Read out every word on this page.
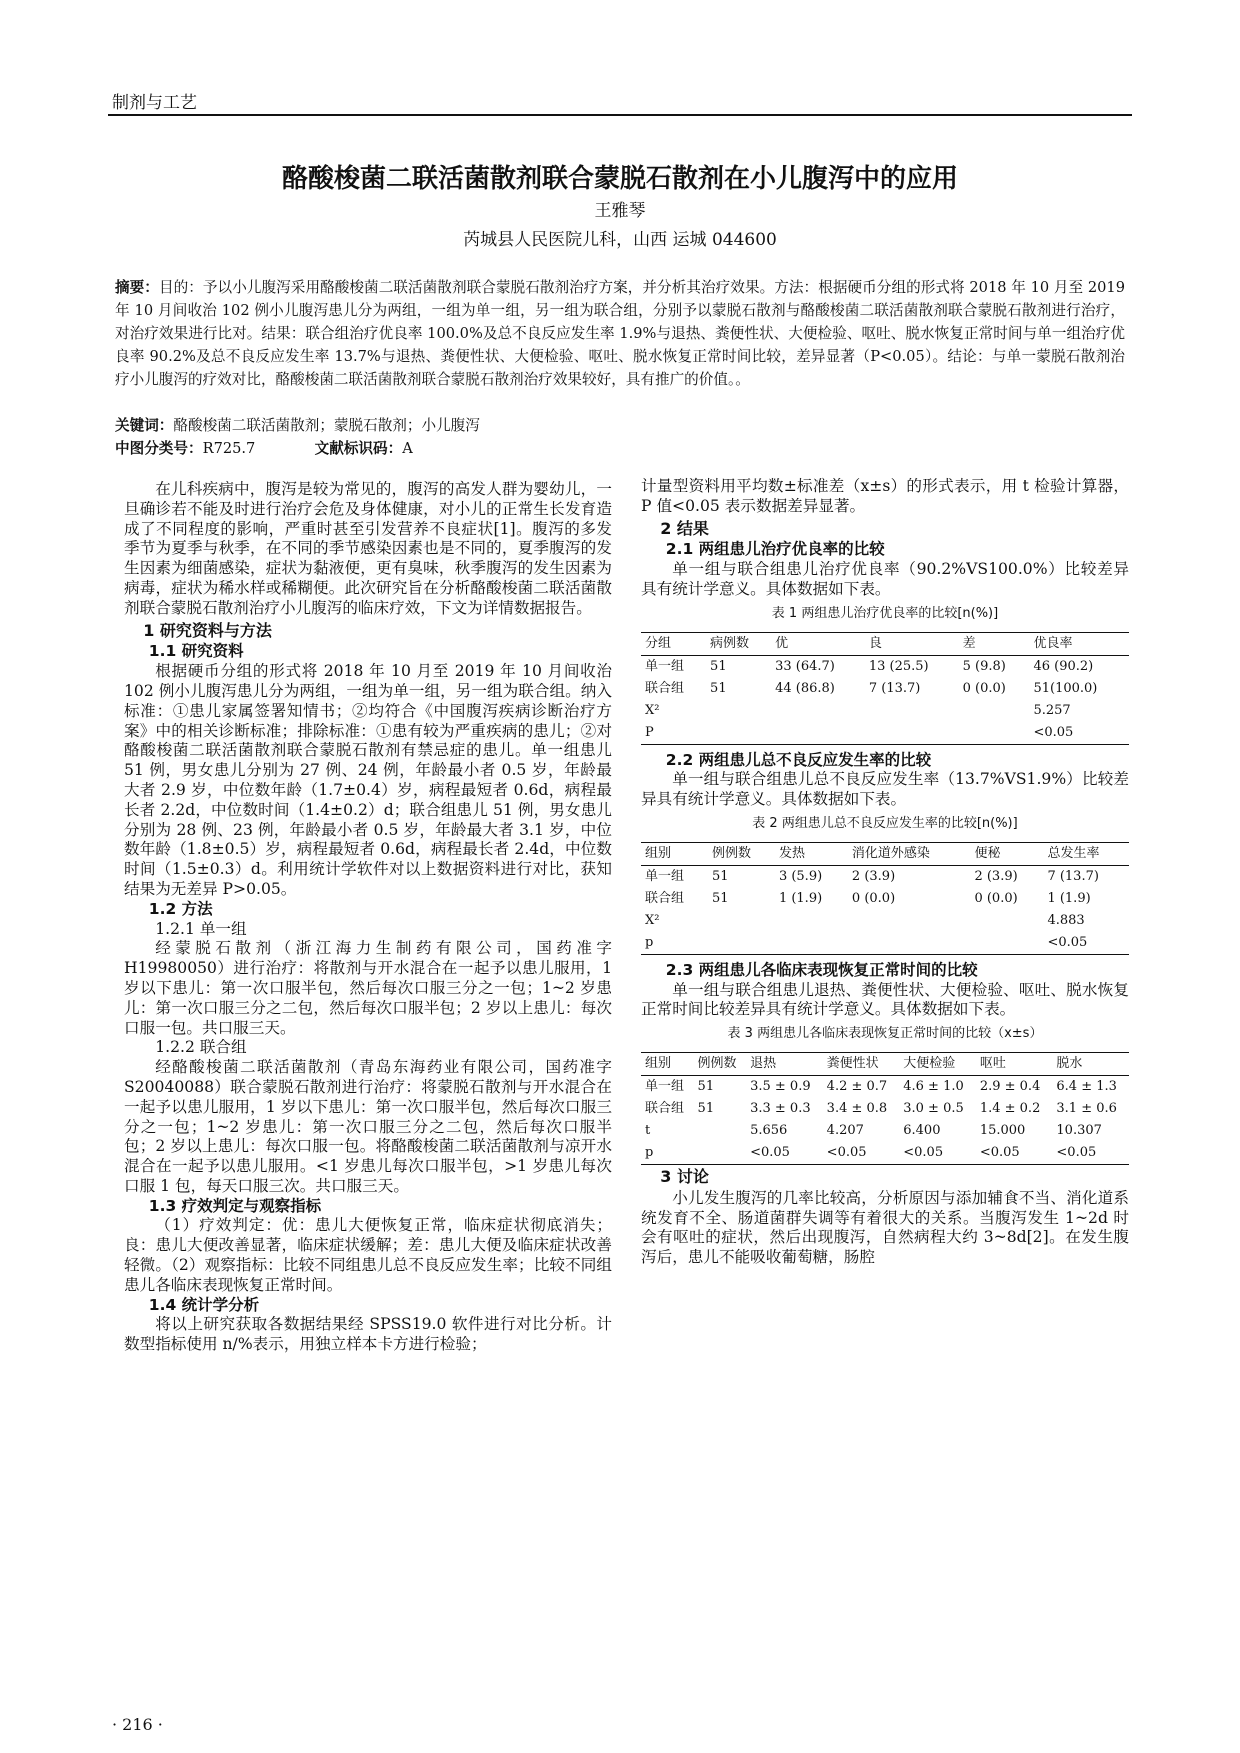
制剂与工艺
酪酸梭菌二联活菌散剂联合蒙脱石散剂在小儿腹泻中的应用
王雅琴
芮城县人民医院儿科，山西 运城 044600
摘要：目的：予以小儿腹泻采用酪酸梭菌二联活菌散剂联合蒙脱石散剂治疗方案，并分析其治疗效果。方法：根据硬币分组的形式将 2018 年 10 月至 2019 年 10 月间收治 102 例小儿腹泻患儿分为两组，一组为单一组，另一组为联合组，分别予以蒙脱石散剂与酪酸梭菌二联活菌散剂联合蒙脱石散剂进行治疗，对治疗效果进行比对。结果：联合组治疗优良率 100.0%及总不良反应发生率 1.9%与退热、粪便性状、大便检验、呕吐、脱水恢复正常时间与单一组治疗优良率 90.2%及总不良反应发生率 13.7%与退热、粪便性状、大便检验、呕吐、脱水恢复正常时间比较，差异显著（P<0.05）。结论：与单一蒙脱石散剂治疗小儿腹泻的疗效对比，酪酸梭菌二联活菌散剂联合蒙脱石散剂治疗效果较好，具有推广的价值。。
关键词：酪酸梭菌二联活菌散剂；蒙脱石散剂；小儿腹泻
中图分类号：R725.7	文献标识码：A

在儿科疾病中，腹泻是较为常见的，腹泻的高发人群为婴幼儿，一旦确诊若不能及时进行治疗会危及身体健康，对小儿的正常生长发育造成了不同程度的影响，严重时甚至引发营养不良症状[1]。腹泻的多发季节为夏季与秋季，在不同的季节感染因素也是不同的，夏季腹泻的发生因素为细菌感染，症状为黏液便，更有臭味，秋季腹泻的发生因素为病毒，症状为稀水样或稀糊便。此次研究旨在分析酪酸梭菌二联活菌散剂联合蒙脱石散剂治疗小儿腹泻的临床疗效，下文为详情数据报告。

1 研究资料与方法
1.1 研究资料

根据硬币分组的形式将 2018 年 10 月至 2019 年 10 月间收治 102 例小儿腹泻患儿分为两组，一组为单一组，另一组为联合组。纳入标准：①患儿家属签署知情书；②均符合《中国腹泻疾病诊断治疗方案》中的相关诊断标准；排除标准：①患有较为严重疾病的患儿；②对酪酸梭菌二联活菌散剂联合蒙脱石散剂有禁忌症的患儿。单一组患儿 51 例，男女患儿分别为 27 例、24 例，年龄最小者 0.5 岁，年龄最大者 2.9 岁，中位数年龄（1.7±0.4）岁，病程最短者 0.6d，病程最长者 2.2d，中位数时间（1.4±0.2）d；联合组患儿 51 例，男女患儿分别为 28 例、23 例，年龄最小者 0.5 岁，年龄最大者 3.1 岁，中位数年龄（1.8±0.5）岁，病程最短者 0.6d，病程最长者 2.4d，中位数时间（1.5±0.3）d。利用统计学软件对以上数据资料进行对比，获知结果为无差异 P>0.05。

1.2 方法
1.2.1 单一组

经蒙脱石散剂（浙江海力生制药有限公司，国药准字 H19980050）进行治疗：将散剂与开水混合在一起予以患儿服用，1 岁以下患儿：第一次口服半包，然后每次口服三分之一包；1~2 岁患儿：第一次口服三分之二包，然后每次口服半包；2 岁以上患儿：每次口服一包。共口服三天。

1.2.2 联合组

经酪酸梭菌二联活菌散剂（青岛东海药业有限公司，国药准字 S20040088）联合蒙脱石散剂进行治疗：将蒙脱石散剂与开水混合在一起予以患儿服用，1 岁以下患儿：第一次口服半包，然后每次口服三分之一包；1~2 岁患儿：第一次口服三分之二包，然后每次口服半包；2 岁以上患儿：每次口服一包。将酪酸梭菌二联活菌散剂与凉开水混合在一起予以患儿服用。<1 岁患儿每次口服半包，>1 岁患儿每次口服 1 包，每天口服三次。共口服三天。

1.3 疗效判定与观察指标

（1）疗效判定：优：患儿大便恢复正常，临床症状彻底消失；良：患儿大便改善显著，临床症状缓解；差：患儿大便及临床症状改善轻微。（2）观察指标：比较不同组患儿总不良反应发生率；比较不同组患儿各临床表现恢复正常时间。

1.4 统计学分析

将以上研究获取各数据结果经 SPSS19.0 软件进行对比分析。计数型指标使用 n/%表示，用独立样本卡方进行检验；

计量型资料用平均数±标准差（x±s）的形式表示，用 t 检验计算器，P 值<0.05 表示数据差异显著。

2 结果
2.1 两组患儿治疗优良率的比较

单一组与联合组患儿治疗优良率（90.2%VS100.0%）比较差异具有统计学意义。具体数据如下表。

表 1 两组患儿治疗优良率的比较[n(%)]
分组	病例数	优	良	差	优良率
单一组	51	33 (64.7)	13 (25.5)	5 (9.8)	46 (90.2)
联合组	51	44 (86.8)	7 (13.7)	0 (0.0)	51(100.0)
X²					5.257
P					<0.05
2.2 两组患儿总不良反应发生率的比较

单一组与联合组患儿总不良反应发生率（13.7%VS1.9%）比较差异具有统计学意义。具体数据如下表。

表 2 两组患儿总不良反应发生率的比较[n(%)]
组别	例例数	发热	消化道外感染	便秘	总发生率
单一组	51	3 (5.9)	2 (3.9)	2 (3.9)	7 (13.7)
联合组	51	1 (1.9)	0 (0.0)	0 (0.0)	1 (1.9)
X²					4.883
p					<0.05
2.3 两组患儿各临床表现恢复正常时间的比较

单一组与联合组患儿退热、粪便性状、大便检验、呕吐、脱水恢复正常时间比较差异具有统计学意义。具体数据如下表。

表 3 两组患儿各临床表现恢复正常时间的比较（x±s）
组别	例例数	退热	粪便性状	大便检验	呕吐	脱水
单一组	51	3.5 ± 0.9	4.2 ± 0.7	4.6 ± 1.0	2.9 ± 0.4	6.4 ± 1.3
联合组	51	3.3 ± 0.3	3.4 ± 0.8	3.0 ± 0.5	1.4 ± 0.2	3.1 ± 0.6
t		5.656	4.207	6.400	15.000	10.307
p		<0.05	<0.05	<0.05	<0.05	<0.05
3 讨论

小儿发生腹泻的几率比较高，分析原因与添加辅食不当、消化道系统发育不全、肠道菌群失调等有着很大的关系。当腹泻发生 1~2d 时会有呕吐的症状，然后出现腹泻，自然病程大约 3~8d[2]。在发生腹泻后，患儿不能吸收葡萄糖，肠腔

· 216 ·
